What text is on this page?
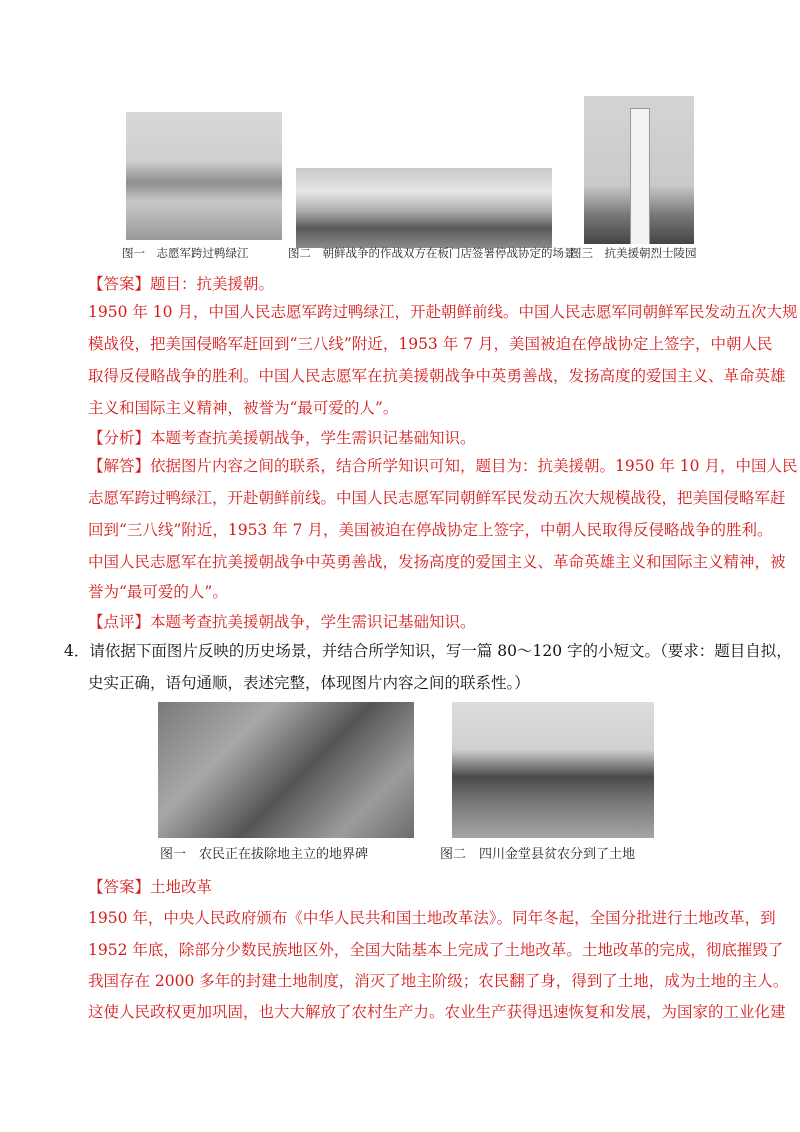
图一　志愿军跨过鸭绿江	图二　朝鲜战争的作战双方在板门店签署停战协定的场景
图三　抗美援朝烈士陵园
【答案】题目：抗美援朝。
1950 年 10 月，中国人民志愿军跨过鸭绿江，开赴朝鲜前线。中国人民志愿军同朝鲜军民发动五次大规
模战役，把美国侵略军赶回到“三八线”附近，1953 年 7 月，美国被迫在停战协定上签字，中朝人民
取得反侵略战争的胜利。中国人民志愿军在抗美援朝战争中英勇善战，发扬高度的爱国主义、革命英雄
主义和国际主义精神，被誉为“最可爱的人”。
【分析】本题考查抗美援朝战争，学生需识记基础知识。
【解答】依据图片内容之间的联系，结合所学知识可知，题目为：抗美援朝。1950 年 10 月，中国人民
志愿军跨过鸭绿江，开赴朝鲜前线。中国人民志愿军同朝鲜军民发动五次大规模战役，把美国侵略军赶
回到“三八线”附近，1953 年 7 月，美国被迫在停战协定上签字，中朝人民取得反侵略战争的胜利。
中国人民志愿军在抗美援朝战争中英勇善战，发扬高度的爱国主义、革命英雄主义和国际主义精神，被
誉为“最可爱的人”。
【点评】本题考查抗美援朝战争，学生需识记基础知识。
4．请依据下面图片反映的历史场景，并结合所学知识，写一篇 80～120 字的小短文。（要求：题目自拟，
史实正确，语句通顺，表述完整，体现图片内容之间的联系性。）
图一　农民正在拔除地主立的地界碑	图二　四川金堂县贫农分到了土地
【答案】土地改革
1950 年，中央人民政府颁布《中华人民共和国土地改革法》。同年冬起，全国分批进行土地改革，到
1952 年底，除部分少数民族地区外，全国大陆基本上完成了土地改革。土地改革的完成，彻底摧毁了
我国存在 2000 多年的封建土地制度，消灭了地主阶级；农民翻了身，得到了土地，成为土地的主人。
这使人民政权更加巩固，也大大解放了农村生产力。农业生产获得迅速恢复和发展，为国家的工业化建
